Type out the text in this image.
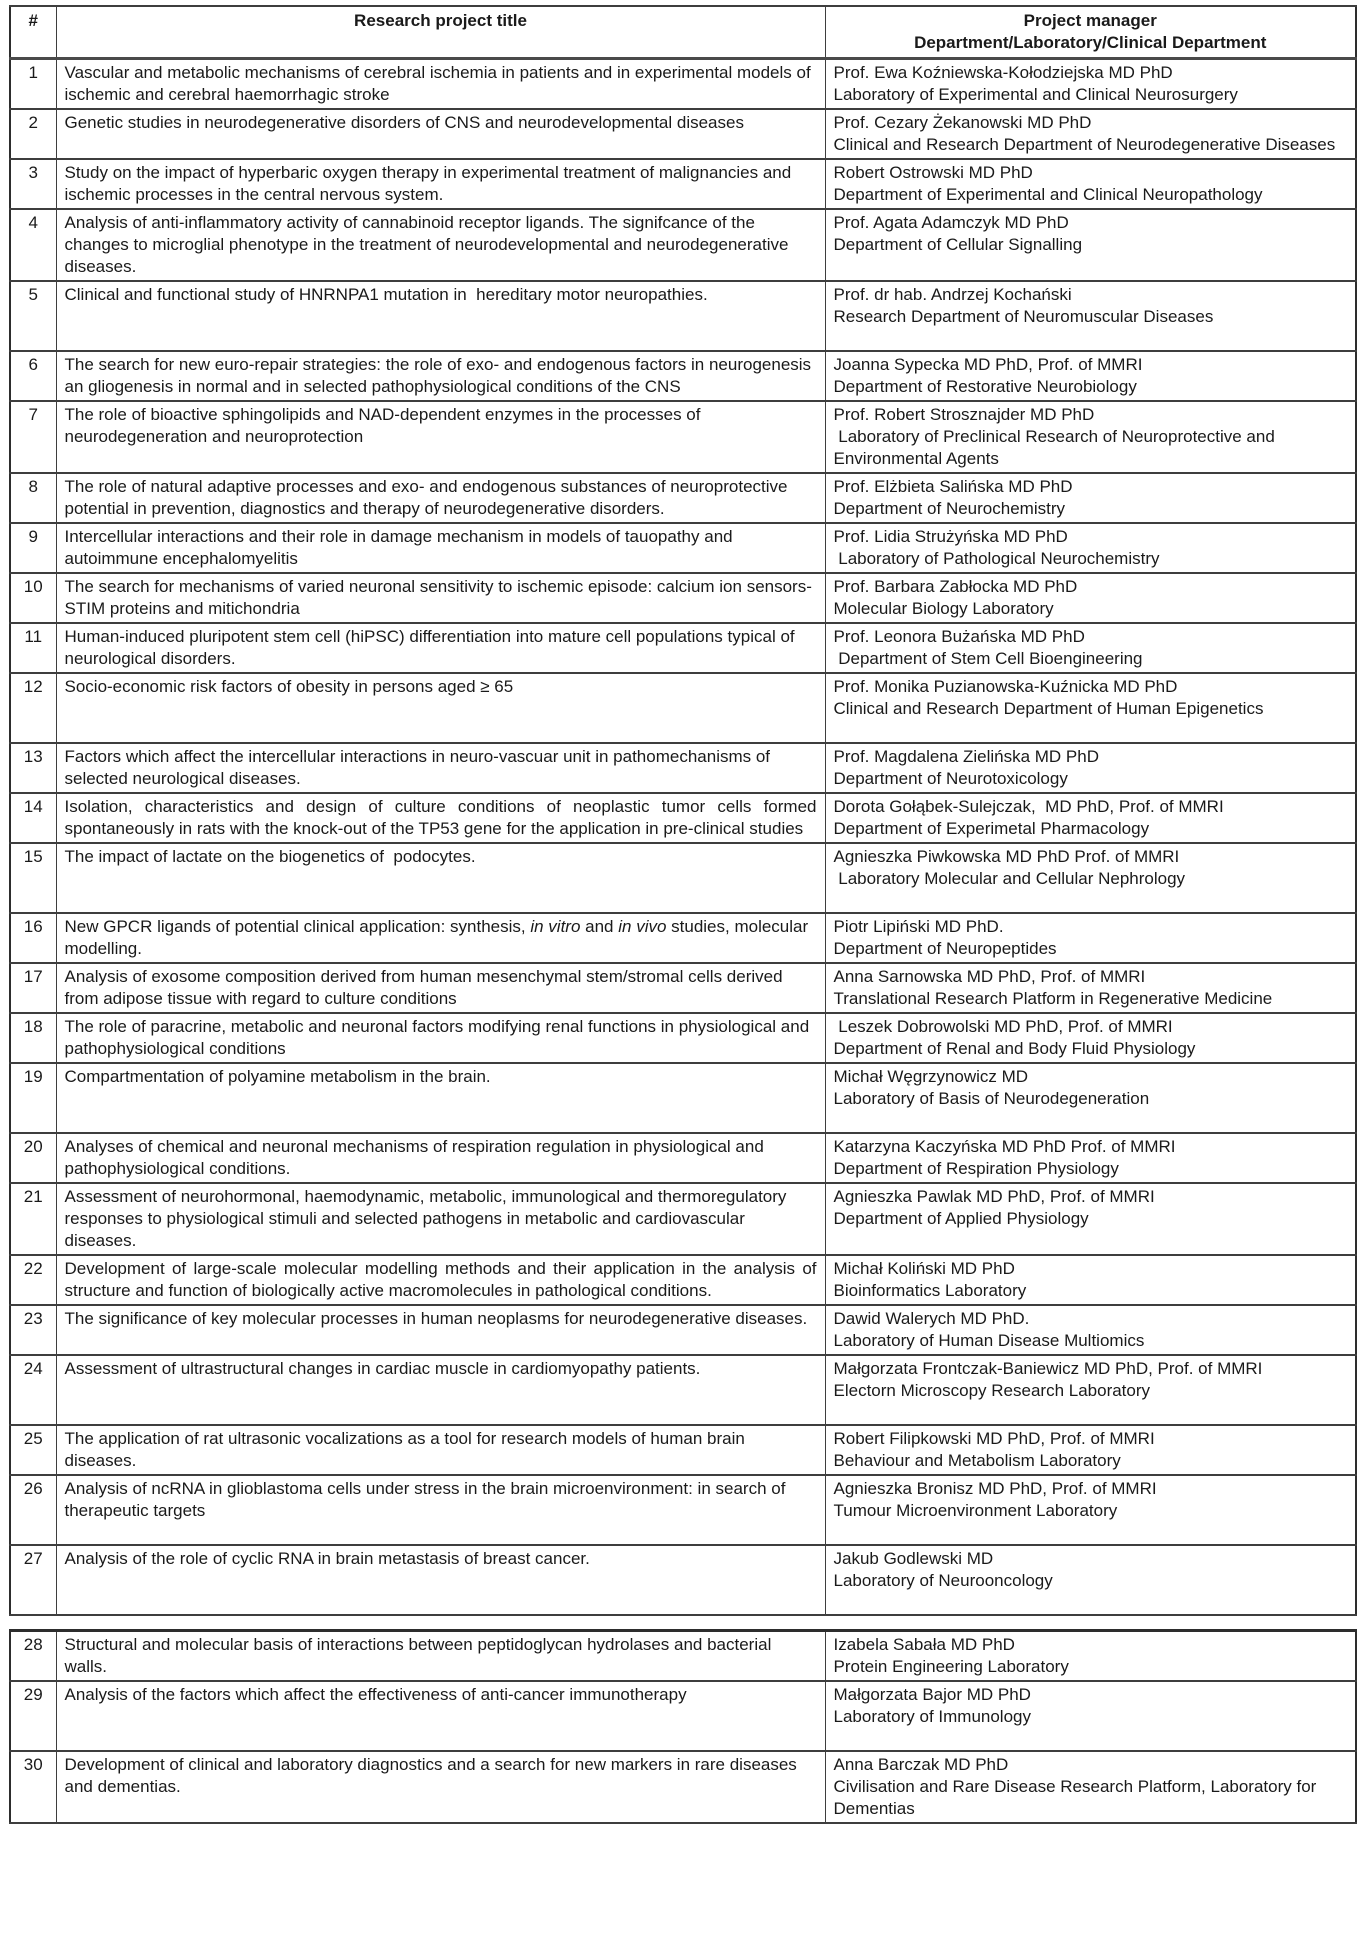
#	Research project title	Project manager
Department/Laboratory/Clinical Department

1	Vascular and metabolic mechanisms of cerebral ischemia in patients and in experimental models of ischemic and cerebral haemorrhagic stroke	Prof. Ewa Koźniewska-Kołodziejska MD PhD
Laboratory of Experimental and Clinical Neurosurgery

2	Genetic studies in neurodegenerative disorders of CNS and neurodevelopmental diseases	Prof. Cezary Żekanowski MD PhD
Clinical and Research Department of Neurodegenerative Diseases

3	Study on the impact of hyperbaric oxygen therapy in experimental treatment of malignancies and ischemic processes in the central nervous system.	Robert Ostrowski MD PhD
Department of Experimental and Clinical Neuropathology

4	Analysis of anti-inflammatory activity of cannabinoid receptor ligands. The signifcance of the changes to microglial phenotype in the treatment of neurodevelopmental and neurodegenerative diseases.	Prof. Agata Adamczyk MD PhD
Department of Cellular Signalling

5	Clinical and functional study of HNRNPA1 mutation in  hereditary motor neuropathies.	Prof. dr hab. Andrzej Kochański
Research Department of Neuromuscular Diseases

6	The search for new euro-repair strategies: the role of exo- and endogenous factors in neurogenesis an gliogenesis in normal and in selected pathophysiological conditions of the CNS	Joanna Sypecka MD PhD, Prof. of MMRI
Department of Restorative Neurobiology

7	The role of bioactive sphingolipids and NAD-dependent enzymes in the processes of neurodegeneration and neuroprotection	Prof. Robert Strosznajder MD PhD
Laboratory of Preclinical Research of Neuroprotective and Environmental Agents

8	The role of natural adaptive processes and exo- and endogenous substances of neuroprotective potential in prevention, diagnostics and therapy of neurodegenerative disorders.	Prof. Elżbieta Salińska MD PhD
Department of Neurochemistry

9	Intercellular interactions and their role in damage mechanism in models of tauopathy and autoimmune encephalomyelitis	Prof. Lidia Strużyńska MD PhD
Laboratory of Pathological Neurochemistry

10	The search for mechanisms of varied neuronal sensitivity to ischemic episode: calcium ion sensors- STIM proteins and mitichondria	Prof. Barbara Zabłocka MD PhD
Molecular Biology Laboratory

11	Human-induced pluripotent stem cell (hiPSC) differentiation into mature cell populations typical of neurological disorders.	Prof. Leonora Bużańska MD PhD
Department of Stem Cell Bioengineering

12	Socio-economic risk factors of obesity in persons aged ≥ 65	Prof. Monika Puzianowska-Kuźnicka MD PhD
Clinical and Research Department of Human Epigenetics

13	Factors which affect the intercellular interactions in neuro-vascuar unit in pathomechanisms of selected neurological diseases.	Prof. Magdalena Zielińska MD PhD
Department of Neurotoxicology

14	Isolation, characteristics and design of culture conditions of neoplastic tumor cells formed spontaneously in rats with the knock-out of the TP53 gene for the application in pre-clinical studies	Dorota Gołąbek-Sulejczak,  MD PhD, Prof. of MMRI
Department of Experimetal Pharmacology

15	The impact of lactate on the biogenetics of  podocytes.	Agnieszka Piwkowska MD PhD Prof. of MMRI
Laboratory Molecular and Cellular Nephrology

16	New GPCR ligands of potential clinical application: synthesis, in vitro and in vivo studies, molecular modelling.	Piotr Lipiński MD PhD.
Department of Neuropeptides

17	Analysis of exosome composition derived from human mesenchymal stem/stromal cells derived from adipose tissue with regard to culture conditions	Anna Sarnowska MD PhD, Prof. of MMRI
Translational Research Platform in Regenerative Medicine

18	The role of paracrine, metabolic and neuronal factors modifying renal functions in physiological and pathophysiological conditions	Leszek Dobrowolski MD PhD, Prof. of MMRI
Department of Renal and Body Fluid Physiology

19	Compartmentation of polyamine metabolism in the brain.	Michał Węgrzynowicz MD
Laboratory of Basis of Neurodegeneration

20	Analyses of chemical and neuronal mechanisms of respiration regulation in physiological and pathophysiological conditions.	Katarzyna Kaczyńska MD PhD Prof. of MMRI
Department of Respiration Physiology

21	Assessment of neurohormonal, haemodynamic, metabolic, immunological and thermoregulatory responses to physiological stimuli and selected pathogens in metabolic and cardiovascular diseases.	Agnieszka Pawlak MD PhD, Prof. of MMRI
Department of Applied Physiology

22	Development of large-scale molecular modelling methods and their application in the analysis of structure and function of biologically active macromolecules in pathological conditions.	Michał Koliński MD PhD
Bioinformatics Laboratory

23	The significance of key molecular processes in human neoplasms for neurodegenerative diseases.	Dawid Walerych MD PhD.
Laboratory of Human Disease Multiomics

24	Assessment of ultrastructural changes in cardiac muscle in cardiomyopathy patients.	Małgorzata Frontczak-Baniewicz MD PhD, Prof. of MMRI
Electorn Microscopy Research Laboratory

25	The application of rat ultrasonic vocalizations as a tool for research models of human brain diseases.	Robert Filipkowski MD PhD, Prof. of MMRI
Behaviour and Metabolism Laboratory

26	Analysis of ncRNA in glioblastoma cells under stress in the brain microenvironment: in search of therapeutic targets	Agnieszka Bronisz MD PhD, Prof. of MMRI
Tumour Microenvironment Laboratory

27	Analysis of the role of cyclic RNA in brain metastasis of breast cancer.	Jakub Godlewski MD
Laboratory of Neurooncology
28	Structural and molecular basis of interactions between peptidoglycan hydrolases and bacterial walls.	Izabela Sabała MD PhD
Protein Engineering Laboratory

29	Analysis of the factors which affect the effectiveness of anti-cancer immunotherapy	Małgorzata Bajor MD PhD
Laboratory of Immunology

30	Development of clinical and laboratory diagnostics and a search for new markers in rare diseases and dementias.	Anna Barczak MD PhD
Civilisation and Rare Disease Research Platform, Laboratory for Dementias
